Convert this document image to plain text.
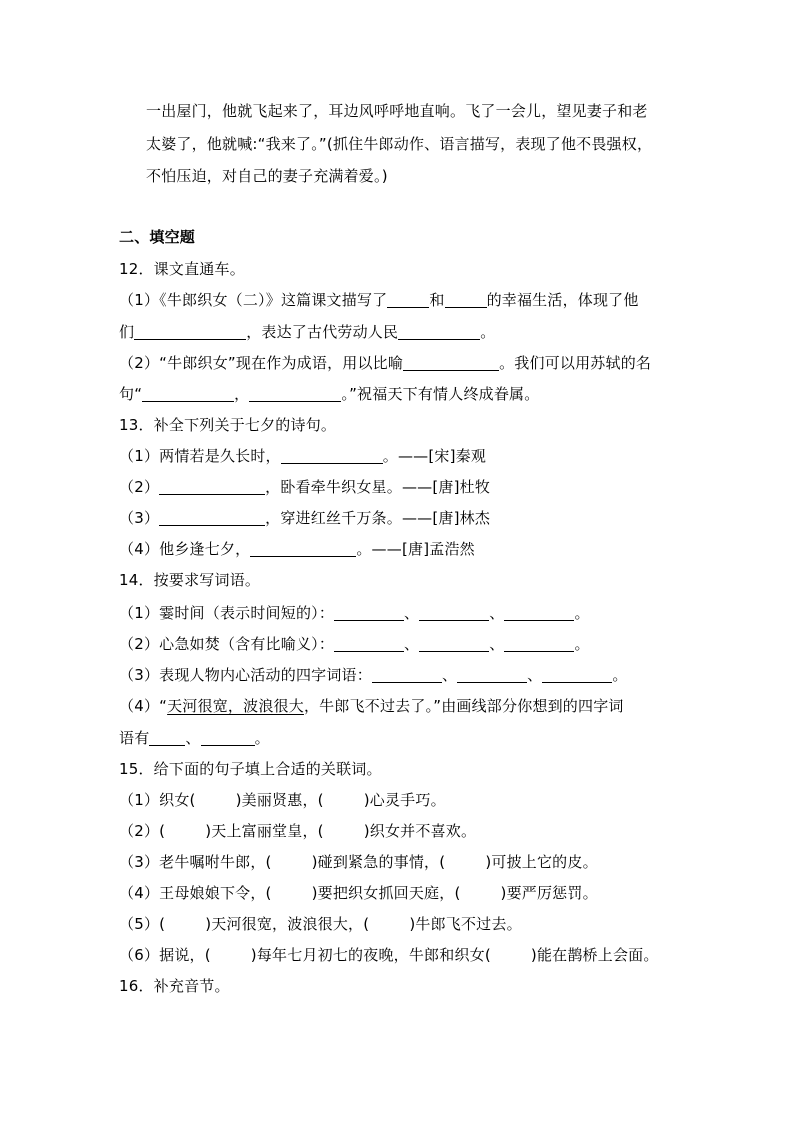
一出屋门，他就飞起来了，耳边风呼呼地直响。飞了一会儿，望见妻子和老
太婆了，他就喊:“我来了。”(抓住牛郎动作、语言描写，表现了他不畏强权，
不怕压迫，对自己的妻子充满着爱。)
二、填空题
12．课文直通车。
（1）《牛郎织女（二）》这篇课文描写了	和	的幸福生活，体现了他
们	，表达了古代劳动人民	。
（2）“牛郎织女”现在作为成语，用以比喻	。我们可以用苏轼的名
句“	，	。”祝福天下有情人终成眷属。
13．补全下列关于七夕的诗句。
（1）两情若是久长时，	。——[宋]秦观
（2）	，卧看牵牛织女星。——[唐]杜牧
（3）	，穿进红丝千万条。——[唐]林杰
（4）他乡逢七夕，	。——[唐]孟浩然
14．按要求写词语。
（1）霎时间（表示时间短的）：	、	、	。
（2）心急如焚（含有比喻义）：	、	、	。
（3）表现人物内心活动的四字词语：	、	、	。
（4）“天河很宽，波浪很大，牛郎飞不过去了。”由画线部分你想到的四字词
语有 、	。
15．给下面的句子填上合适的关联词。
（1）织女(	)美丽贤惠，(	)心灵手巧。
（2）(	)天上富丽堂皇，(	)织女并不喜欢。
（3）老牛嘱咐牛郎，(	)碰到紧急的事情，(	)可披上它的皮。
（4）王母娘娘下令，(	)要把织女抓回天庭，(	)要严厉惩罚。
（5）(	)天河很宽，波浪很大，(	)牛郎飞不过去。
（6）据说，(	)每年七月初七的夜晚，牛郎和织女(	)能在鹊桥上会面。
16．补充音节。
